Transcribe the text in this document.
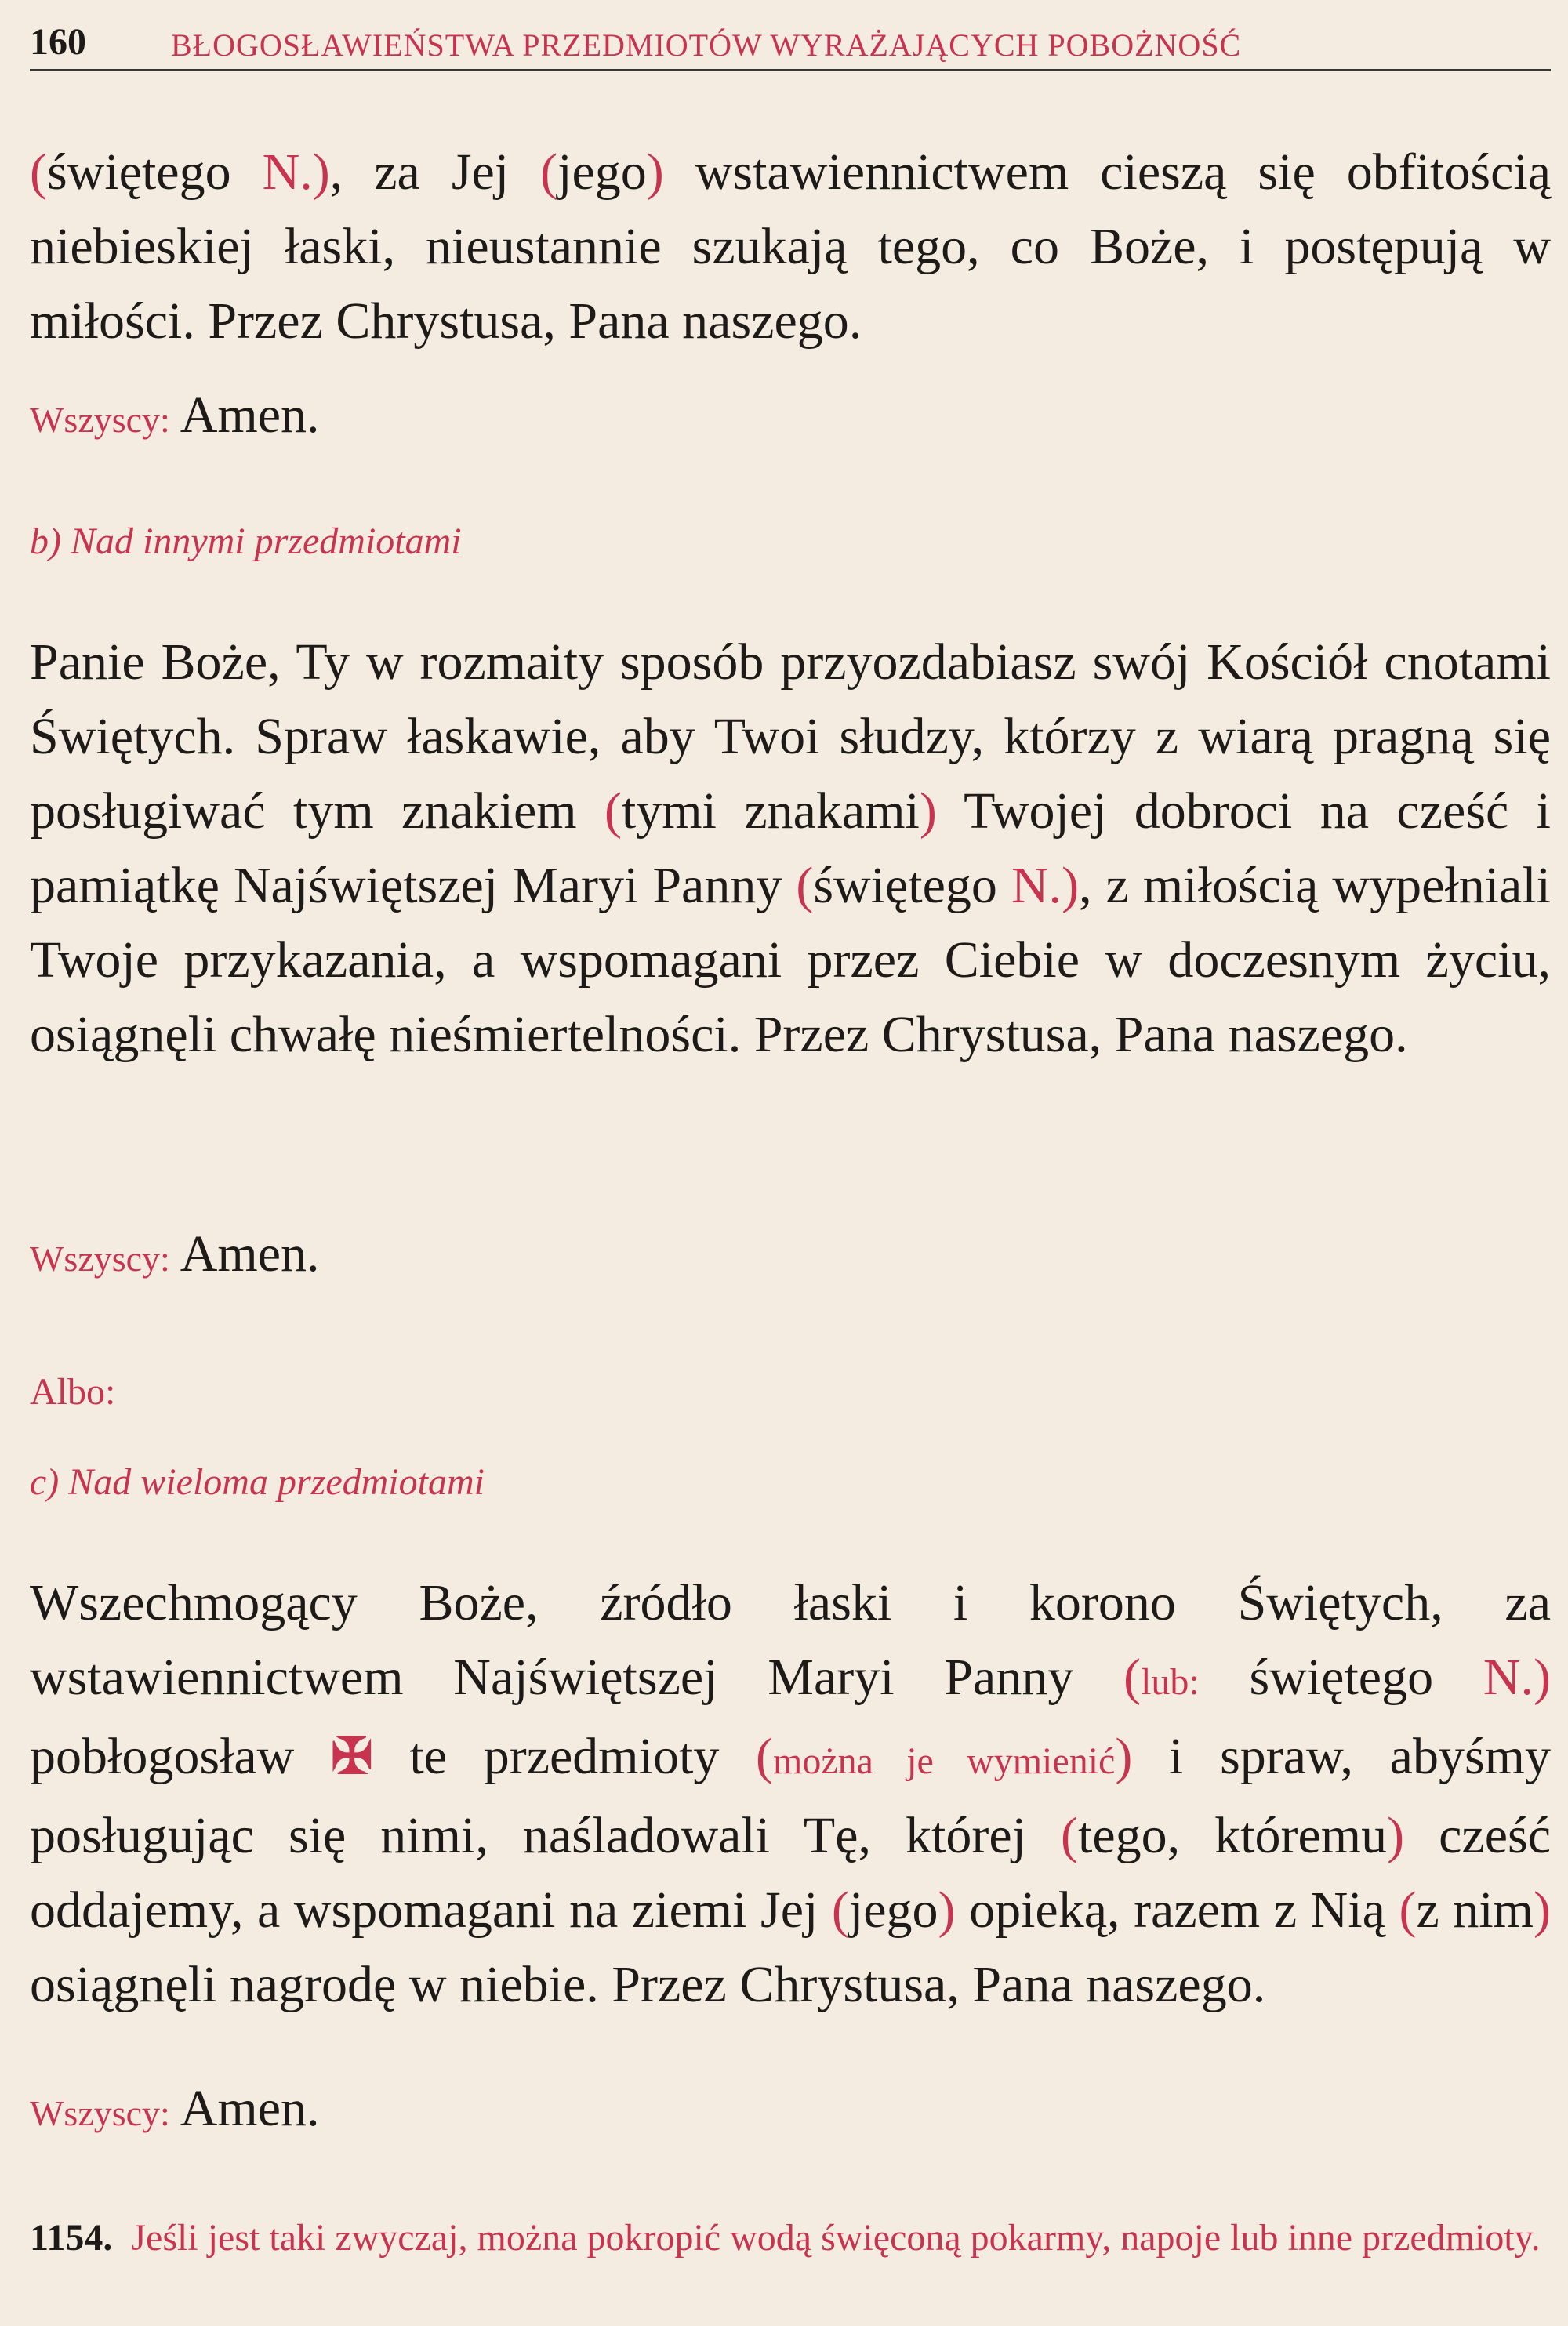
160	BŁOGOSŁAWIEŃSTWA PRZEDMIOTÓW WYRAŻAJĄCYCH POBOŻNOŚĆ
(świętego N.), za Jej (jego) wstawiennictwem cieszą się obfitością niebieskiej łaski, nieustannie szukają tego, co Boże, i postępują w miłości. Przez Chrystusa, Pana naszego.
Wszyscy: Amen.
b) Nad innymi przedmiotami
Panie Boże, Ty w rozmaity sposób przyozdabiasz swój Kościół cnotami Świętych. Spraw łaskawie, aby Twoi słudzy, którzy z wiarą pragną się posługiwać tym znakiem (tymi znakami) Twojej dobroci na cześć i pamiątkę Najświętszej Maryi Panny (świętego N.), z miłością wypełniali Twoje przykazania, a wspomagani przez Ciebie w doczesnym życiu, osiągnęli chwałę nieśmiertelności. Przez Chrystusa, Pana naszego.
Wszyscy: Amen.
Albo:
c) Nad wieloma przedmiotami
Wszechmogący Boże, źródło łaski i korono Świętych, za wstawiennictwem Najświętszej Maryi Panny (lub: świętego N.) pobłogosław ✠ te przedmioty (można je wymienić) i spraw, abyśmy posługując się nimi, naśladowali Tę, której (tego, któremu) cześć oddajemy, a wspomagani na ziemi Jej (jego) opieką, razem z Nią (z nim) osiągnęli nagrodę w niebie. Przez Chrystusa, Pana naszego.
Wszyscy: Amen.
1154. Jeśli jest taki zwyczaj, można pokropić wodą święconą pokarmy, napoje lub inne przedmioty.
